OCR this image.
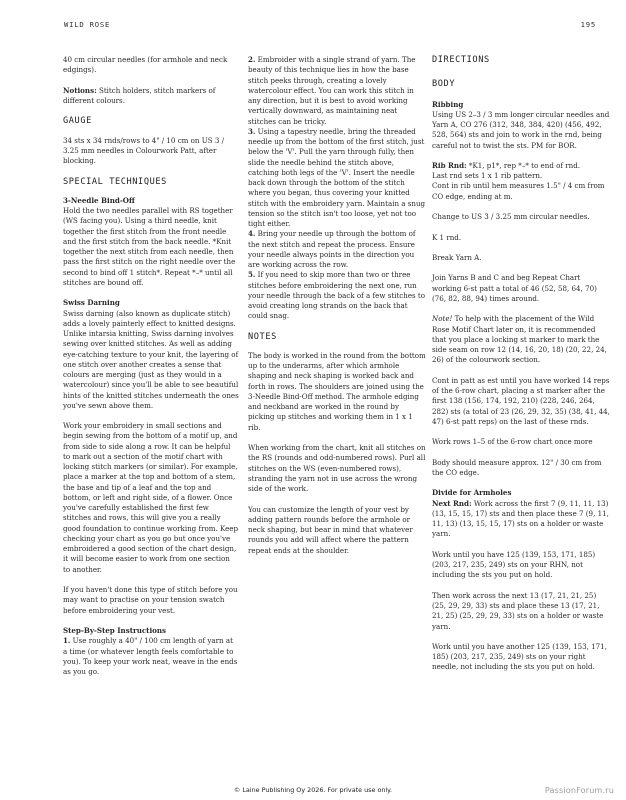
WILD ROSE	195

40 cm circular needles (for armhole and neck edgings).

Notions: Stitch holders, stitch markers of different colours.

GAUGE

34 sts x 34 rnds/rows to 4" / 10 cm on US 3 / 3.25 mm needles in Colourwork Patt, after blocking.

SPECIAL TECHNIQUES
3-Needle Bind-Off

Hold the two needles parallel with RS together (WS facing you). Using a third needle, knit together the first stitch from the front needle and the first stitch from the back needle. *Knit together the next stitch from each needle, then pass the first stitch on the right needle over the second to bind off 1 stitch*. Repeat *–* until all stitches are bound off.

Swiss Darning

Swiss darning (also known as duplicate stitch) adds a lovely painterly effect to knitted designs. Unlike intarsia knitting, Swiss darning involves sewing over knitted stitches. As well as adding eye-catching texture to your knit, the layering of one stitch over another creates a sense that colours are merging (just as they would in a watercolour) since you'll be able to see beautiful hints of the knitted stitches underneath the ones you've sewn above them.

Work your embroidery in small sections and begin sewing from the bottom of a motif up, and from side to side along a row. It can be helpful to mark out a section of the motif chart with locking stitch markers (or similar). For example, place a marker at the top and bottom of a stem, the base and tip of a leaf and the top and bottom, or left and right side, of a flower. Once you've carefully established the first few stitches and rows, this will give you a really good foundation to continue working from. Keep checking your chart as you go but once you've embroidered a good section of the chart design, it will become easier to work from one section to another.

If you haven't done this type of stitch before you may want to practise on your tension swatch before embroidering your vest.

Step-By-Step Instructions

1. Use roughly a 40" / 100 cm length of yarn at a time (or whatever length feels comfortable to you). To keep your work neat, weave in the ends as you go.

2. Embroider with a single strand of yarn. The beauty of this technique lies in how the base stitch peeks through, creating a lovely watercolour effect. You can work this stitch in any direction, but it is best to avoid working vertically downward, as maintaining neat stitches can be tricky.

3. Using a tapestry needle, bring the threaded needle up from the bottom of the first stitch, just below the 'V'. Pull the yarn through fully, then slide the needle behind the stitch above, catching both legs of the 'V'. Insert the needle back down through the bottom of the stitch where you began, thus covering your knitted stitch with the embroidery yarn. Maintain a snug tension so the stitch isn't too loose, yet not too tight either.

4. Bring your needle up through the bottom of the next stitch and repeat the process. Ensure your needle always points in the direction you are working across the row.

5. If you need to skip more than two or three stitches before embroidering the next one, run your needle through the back of a few stitches to avoid creating long strands on the back that could snag.

NOTES

The body is worked in the round from the bottom up to the underarms, after which armhole shaping and neck shaping is worked back and forth in rows. The shoulders are joined using the 3-Needle Bind-Off method. The armhole edging and neckband are worked in the round by picking up stitches and working them in 1 x 1 rib.

When working from the chart, knit all stitches on the RS (rounds and odd-numbered rows). Purl all stitches on the WS (even-numbered rows), stranding the yarn not in use across the wrong side of the work.

You can customize the length of your vest by adding pattern rounds before the armhole or neck shaping, but bear in mind that whatever rounds you add will affect where the pattern repeat ends at the shoulder.

DIRECTIONS
BODY
Ribbing

Using US 2–3 / 3 mm longer circular needles and Yarn A, CO 276 (312, 348, 384, 420) (456, 492, 528, 564) sts and join to work in the rnd, being careful not to twist the sts. PM for BOR.

Rib Rnd: *K1, p1*, rep *–* to end of rnd.

Last rnd sets 1 x 1 rib pattern.

Cont in rib until hem measures 1.5" / 4 cm from CO edge, ending at m.

Change to US 3 / 3.25 mm circular needles.

K 1 rnd.

Break Yarn A.

Join Yarns B and C and beg Repeat Chart working 6-st patt a total of 46 (52, 58, 64, 70) (76, 82, 88, 94) times around.

Note! To help with the placement of the Wild Rose Motif Chart later on, it is recommended that you place a locking st marker to mark the side seam on row 12 (14, 16, 20, 18) (20, 22, 24, 26) of the colourwork section.

Cont in patt as est until you have worked 14 reps of the 6-row chart, placing a st marker after the first 138 (156, 174, 192, 210) (228, 246, 264, 282) sts (a total of 23 (26, 29, 32, 35) (38, 41, 44, 47) 6-st patt reps) on the last of these rnds.

Work rows 1–5 of the 6-row chart once more

Body should measure approx. 12" / 30 cm from the CO edge.

Divide for Armholes

Next Rnd: Work across the first 7 (9, 11, 11, 13) (13, 15, 15, 17) sts and then place these 7 (9, 11, 11, 13) (13, 15, 15, 17) sts on a holder or waste yarn.

Work until you have 125 (139, 153, 171, 185) (203, 217, 235, 249) sts on your RHN, not including the sts you put on hold.

Then work across the next 13 (17, 21, 21, 25) (25, 29, 29, 33) sts and place these 13 (17, 21, 21, 25) (25, 29, 29, 33) sts on a holder or waste yarn.

Work until you have another 125 (139, 153, 171, 185) (203, 217, 235, 249) sts on your right needle, not including the sts you put on hold.

© Laine Publishing Oy 2026. For private use only.	PassionForum.ru
